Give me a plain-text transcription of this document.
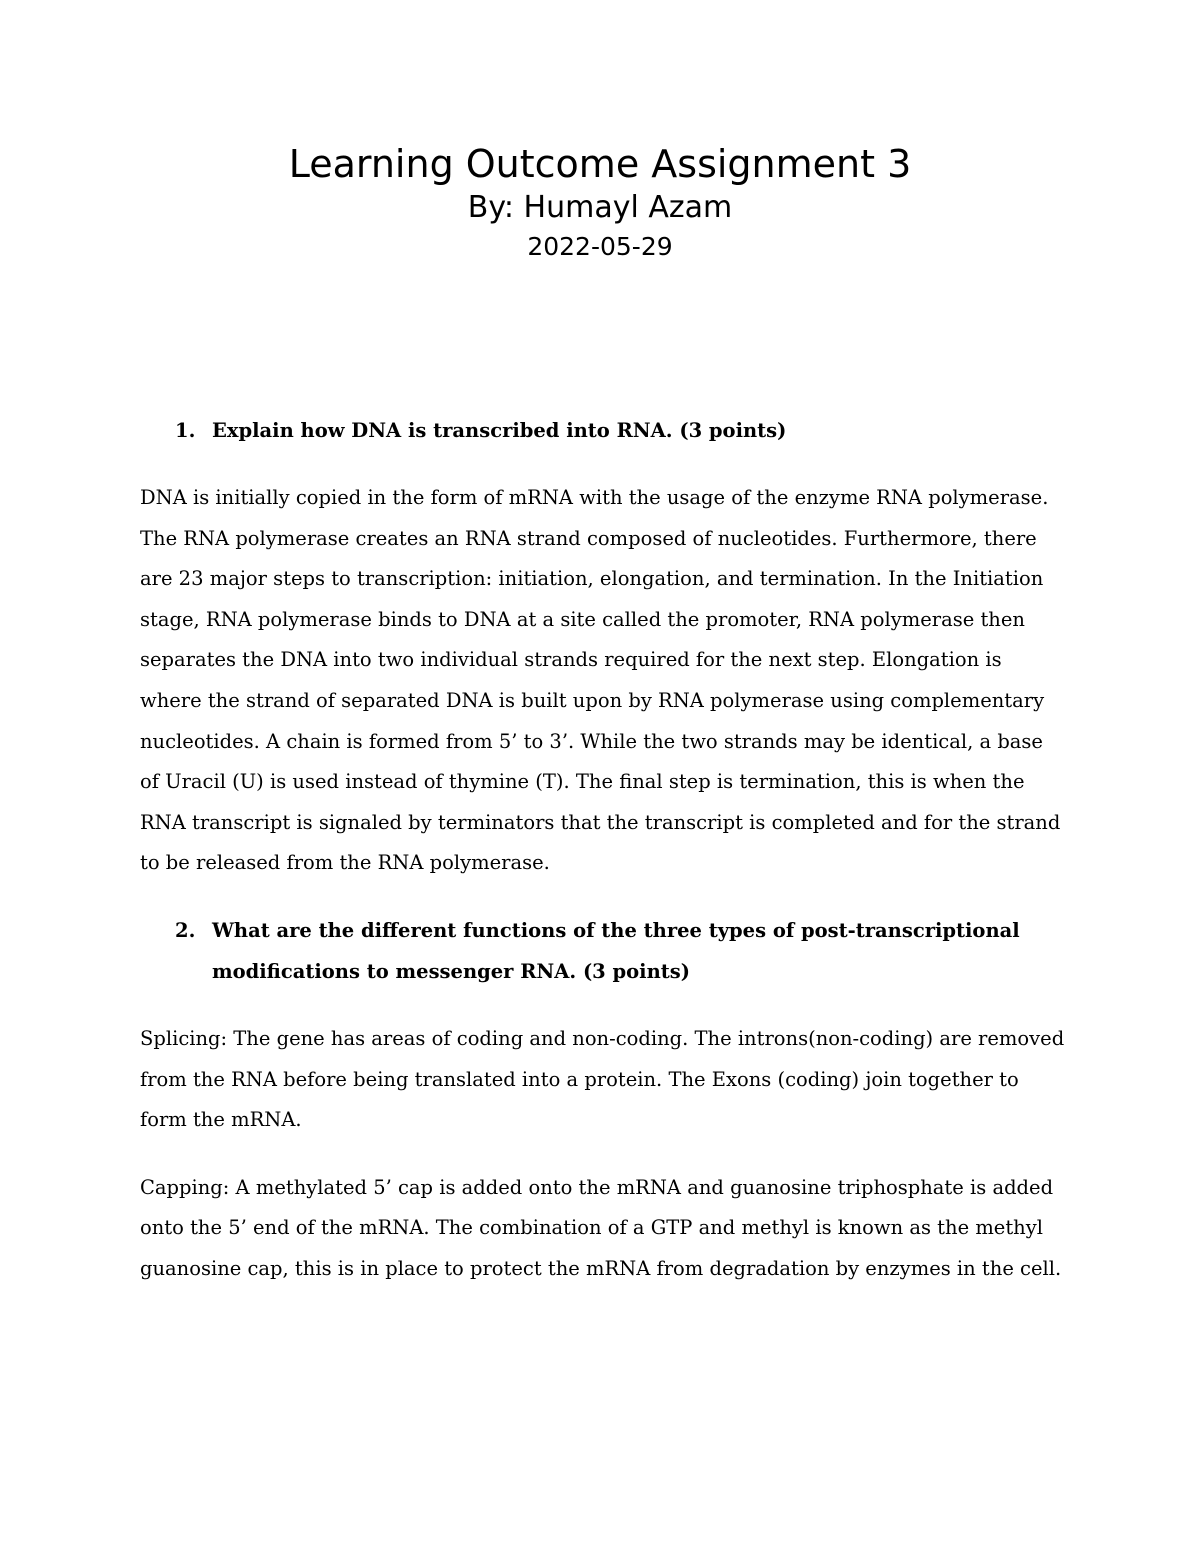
Learning Outcome Assignment 3

By: Humayl Azam

2022-05-29

1. Explain how DNA is transcribed into RNA. (3 points)

DNA is initially copied in the form of mRNA with the usage of the enzyme RNA polymerase. The RNA polymerase creates an RNA strand composed of nucleotides. Furthermore, there are 23 major steps to transcription: initiation, elongation, and termination. In the Initiation stage, RNA polymerase binds to DNA at a site called the promoter, RNA polymerase then separates the DNA into two individual strands required for the next step. Elongation is where the strand of separated DNA is built upon by RNA polymerase using complementary nucleotides. A chain is formed from 5’ to 3’. While the two strands may be identical, a base of Uracil (U) is used instead of thymine (T). The final step is termination, this is when the RNA transcript is signaled by terminators that the transcript is completed and for the strand to be released from the RNA polymerase.

2. What are the different functions of the three types of post-transcriptional modifications to messenger RNA. (3 points)

Splicing: The gene has areas of coding and non-coding. The introns(non-coding) are removed from the RNA before being translated into a protein. The Exons (coding) join together to form the mRNA.

Capping: A methylated 5’ cap is added onto the mRNA and guanosine triphosphate is added onto the 5’ end of the mRNA. The combination of a GTP and methyl is known as the methyl guanosine cap, this is in place to protect the mRNA from degradation by enzymes in the cell.
